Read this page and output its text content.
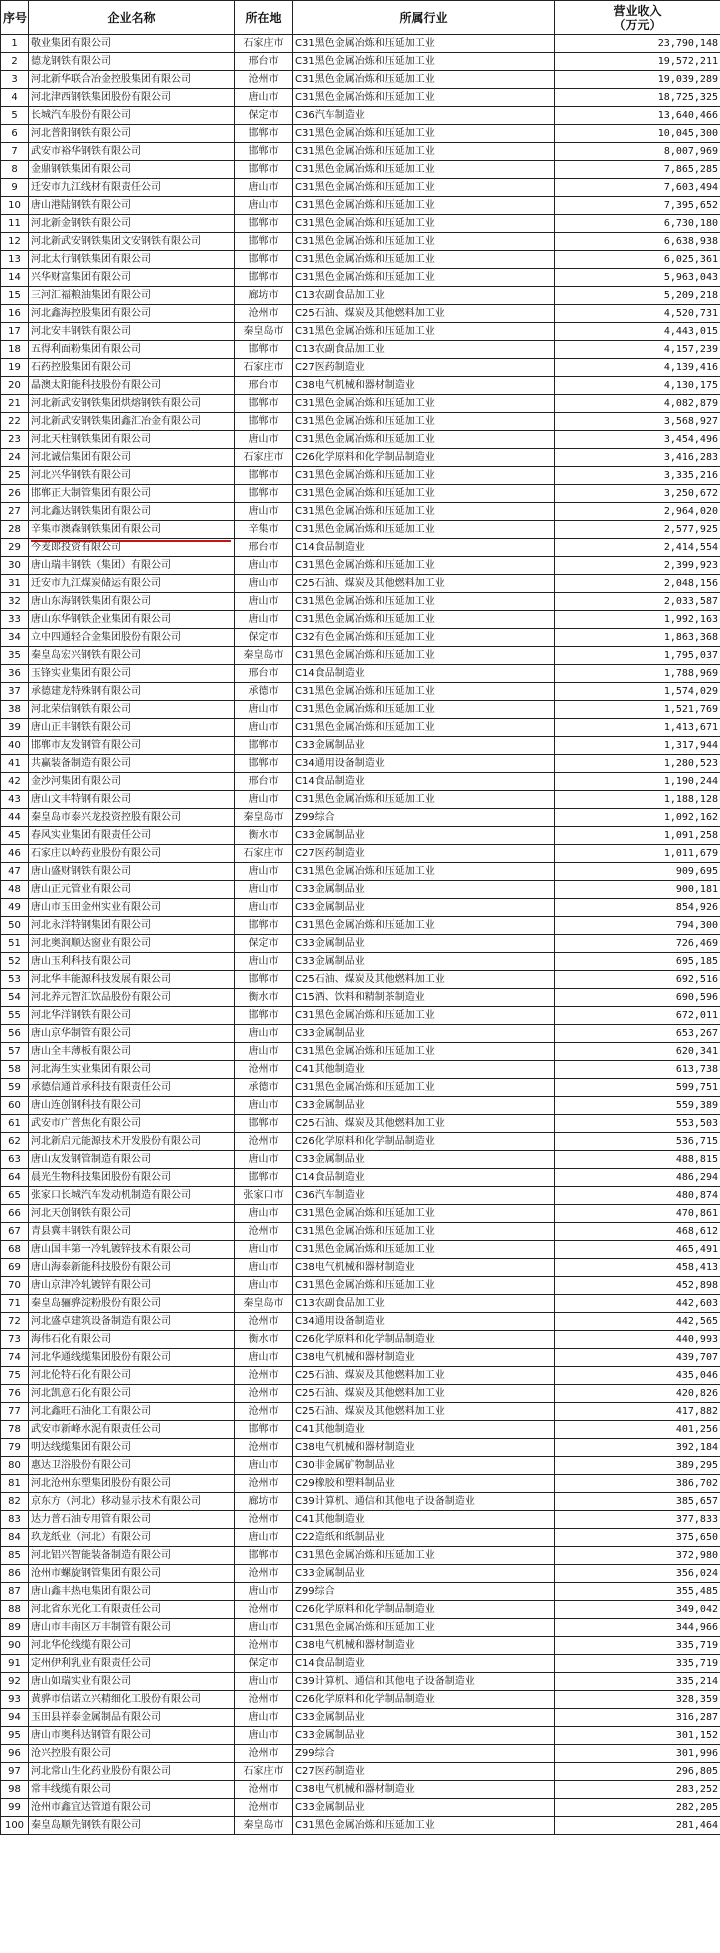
序号	企业名称	所在地	所属行业	营业收入
（万元）

1	敬业集团有限公司	石家庄市	C31黑色金属冶炼和压延加工业	23,790,148
2	德龙钢铁有限公司	邢台市	C31黑色金属冶炼和压延加工业	19,572,211
3	河北新华联合冶金控股集团有限公司	沧州市	C31黑色金属冶炼和压延加工业	19,039,289
4	河北津西钢铁集团股份有限公司	唐山市	C31黑色金属冶炼和压延加工业	18,725,325
5	长城汽车股份有限公司	保定市	C36汽车制造业	13,640,466
6	河北普阳钢铁有限公司	邯郸市	C31黑色金属冶炼和压延加工业	10,045,300
7	武安市裕华钢铁有限公司	邯郸市	C31黑色金属冶炼和压延加工业	8,007,969
8	金鼎钢铁集团有限公司	邯郸市	C31黑色金属冶炼和压延加工业	7,865,285
9	迁安市九江线材有限责任公司	唐山市	C31黑色金属冶炼和压延加工业	7,603,494
10	唐山港陆钢铁有限公司	唐山市	C31黑色金属冶炼和压延加工业	7,395,652
11	河北新金钢铁有限公司	邯郸市	C31黑色金属冶炼和压延加工业	6,730,180
12	河北新武安钢铁集团文安钢铁有限公司	邯郸市	C31黑色金属冶炼和压延加工业	6,638,938
13	河北太行钢铁集团有限公司	邯郸市	C31黑色金属冶炼和压延加工业	6,025,361
14	兴华财富集团有限公司	邯郸市	C31黑色金属冶炼和压延加工业	5,963,043
15	三河汇福粮油集团有限公司	廊坊市	C13农副食品加工业	5,209,218
16	河北鑫海控股集团有限公司	沧州市	C25石油、煤炭及其他燃料加工业	4,520,731
17	河北安丰钢铁有限公司	秦皇岛市	C31黑色金属冶炼和压延加工业	4,443,015
18	五得利面粉集团有限公司	邯郸市	C13农副食品加工业	4,157,239
19	石药控股集团有限公司	石家庄市	C27医药制造业	4,139,416
20	晶澳太阳能科技股份有限公司	邢台市	C38电气机械和器材制造业	4,130,175
21	河北新武安钢铁集团烘熔钢铁有限公司	邯郸市	C31黑色金属冶炼和压延加工业	4,082,879
22	河北新武安钢铁集团鑫汇冶金有限公司	邯郸市	C31黑色金属冶炼和压延加工业	3,568,927
23	河北天柱钢铁集团有限公司	唐山市	C31黑色金属冶炼和压延加工业	3,454,496
24	河北诚信集团有限公司	石家庄市	C26化学原料和化学制品制造业	3,416,283
25	河北兴华钢铁有限公司	邯郸市	C31黑色金属冶炼和压延加工业	3,335,216
26	邯郸正大制管集团有限公司	邯郸市	C31黑色金属冶炼和压延加工业	3,250,672
27	河北鑫达钢铁集团有限公司	唐山市	C31黑色金属冶炼和压延加工业	2,964,020
28	辛集市澳森钢铁集团有限公司	辛集市	C31黑色金属冶炼和压延加工业	2,577,925
29	今麦郎投资有限公司	邢台市	C14食品制造业	2,414,554
30	唐山瑞丰钢铁（集团）有限公司	唐山市	C31黑色金属冶炼和压延加工业	2,399,923
31	迁安市九江煤炭储运有限公司	唐山市	C25石油、煤炭及其他燃料加工业	2,048,156
32	唐山东海钢铁集团有限公司	唐山市	C31黑色金属冶炼和压延加工业	2,033,587
33	唐山东华钢铁企业集团有限公司	唐山市	C31黑色金属冶炼和压延加工业	1,992,163
34	立中四通轻合金集团股份有限公司	保定市	C32有色金属冶炼和压延加工业	1,863,368
35	秦皇岛宏兴钢铁有限公司	秦皇岛市	C31黑色金属冶炼和压延加工业	1,795,037
36	玉锋实业集团有限公司	邢台市	C14食品制造业	1,788,969
37	承德建龙特殊钢有限公司	承德市	C31黑色金属冶炼和压延加工业	1,574,029
38	河北荣信钢铁有限公司	唐山市	C31黑色金属冶炼和压延加工业	1,521,769
39	唐山正丰钢铁有限公司	唐山市	C31黑色金属冶炼和压延加工业	1,413,671
40	邯郸市友发钢管有限公司	邯郸市	C33金属制品业	1,317,944
41	共赢装备制造有限公司	邯郸市	C34通用设备制造业	1,280,523
42	金沙河集团有限公司	邢台市	C14食品制造业	1,190,244
43	唐山文丰特钢有限公司	唐山市	C31黑色金属冶炼和压延加工业	1,188,128
44	秦皇岛市泰兴龙投资控股有限公司	秦皇岛市	Z99综合	1,092,162
45	春风实业集团有限责任公司	衡水市	C33金属制品业	1,091,258
46	石家庄以岭药业股份有限公司	石家庄市	C27医药制造业	1,011,679
47	唐山盛财钢铁有限公司	唐山市	C31黑色金属冶炼和压延加工业	909,695
48	唐山正元管业有限公司	唐山市	C33金属制品业	900,181
49	唐山市玉田金州实业有限公司	唐山市	C33金属制品业	854,926
50	河北永洋特钢集团有限公司	邯郸市	C31黑色金属冶炼和压延加工业	794,300
51	河北奥润顺达窗业有限公司	保定市	C33金属制品业	726,469
52	唐山玉利科技有限公司	唐山市	C33金属制品业	695,185
53	河北华丰能源科技发展有限公司	邯郸市	C25石油、煤炭及其他燃料加工业	692,516
54	河北养元智汇饮品股份有限公司	衡水市	C15酒、饮料和精制茶制造业	690,596
55	河北华洋钢铁有限公司	邯郸市	C31黑色金属冶炼和压延加工业	672,011
56	唐山京华制管有限公司	唐山市	C33金属制品业	653,267
57	唐山全丰薄板有限公司	唐山市	C31黑色金属冶炼和压延加工业	620,341
58	河北海生实业集团有限公司	沧州市	C41其他制造业	613,738
59	承德信通首承科技有限责任公司	承德市	C31黑色金属冶炼和压延加工业	599,751
60	唐山连创钢科技有限公司	唐山市	C33金属制品业	559,389
61	武安市广普焦化有限公司	邯郸市	C25石油、煤炭及其他燃料加工业	553,503
62	河北新启元能源技术开发股份有限公司	沧州市	C26化学原料和化学制品制造业	536,715
63	唐山友发钢管制造有限公司	唐山市	C33金属制品业	488,815
64	晨光生物科技集团股份有限公司	邯郸市	C14食品制造业	486,294
65	张家口长城汽车发动机制造有限公司	张家口市	C36汽车制造业	480,874
66	河北天创钢铁有限公司	唐山市	C31黑色金属冶炼和压延加工业	470,861
67	青县冀丰钢铁有限公司	沧州市	C31黑色金属冶炼和压延加工业	468,612
68	唐山国丰第一冷轧镀锌技术有限公司	唐山市	C31黑色金属冶炼和压延加工业	465,491
69	唐山海泰新能科技股份有限公司	唐山市	C38电气机械和器材制造业	458,413
70	唐山京津冷轧镀锌有限公司	唐山市	C31黑色金属冶炼和压延加工业	452,898
71	秦皇岛骊骅淀粉股份有限公司	秦皇岛市	C13农副食品加工业	442,603
72	河北盛卓建筑设备制造有限公司	沧州市	C34通用设备制造业	442,565
73	海伟石化有限公司	衡水市	C26化学原料和化学制品制造业	440,993
74	河北华通线缆集团股份有限公司	唐山市	C38电气机械和器材制造业	439,707
75	河北伦特石化有限公司	沧州市	C25石油、煤炭及其他燃料加工业	435,046
76	河北凯意石化有限公司	沧州市	C25石油、煤炭及其他燃料加工业	420,826
77	河北鑫旺石油化工有限公司	沧州市	C25石油、煤炭及其他燃料加工业	417,882
78	武安市新峰水泥有限责任公司	邯郸市	C41其他制造业	401,256
79	明达线缆集团有限公司	沧州市	C38电气机械和器材制造业	392,184
80	惠达卫浴股份有限公司	唐山市	C30非金属矿物制品业	389,295
81	河北沧州东塑集团股份有限公司	沧州市	C29橡胶和塑料制品业	386,702
82	京东方（河北）移动显示技术有限公司	廊坊市	C39计算机、通信和其他电子设备制造业	385,657
83	达力普石油专用管有限公司	沧州市	C41其他制造业	377,833
84	玖龙纸业（河北）有限公司	唐山市	C22造纸和纸制品业	375,650
85	河北铝兴智能装备制造有限公司	邯郸市	C31黑色金属冶炼和压延加工业	372,980
86	沧州市螺旋钢管集团有限公司	沧州市	C33金属制品业	356,024
87	唐山鑫丰热电集团有限公司	唐山市	Z99综合	355,485
88	河北省东光化工有限责任公司	沧州市	C26化学原料和化学制品制造业	349,042
89	唐山市丰南区万丰制管有限公司	唐山市	C31黑色金属冶炼和压延加工业	344,966
90	河北华伦线缆有限公司	沧州市	C38电气机械和器材制造业	335,719
91	定州伊利乳业有限责任公司	保定市	C14食品制造业	335,719
92	唐山如瑞实业有限公司	唐山市	C39计算机、通信和其他电子设备制造业	335,214
93	黄骅市信诺立兴精细化工股份有限公司	沧州市	C26化学原料和化学制品制造业	328,359
94	玉田县祥泰金属制品有限公司	唐山市	C33金属制品业	316,287
95	唐山市奥科达钢管有限公司	唐山市	C33金属制品业	301,152
96	沧兴控股有限公司	沧州市	Z99综合	301,996
97	河北常山生化药业股份有限公司	石家庄市	C27医药制造业	296,805
98	常丰线缆有限公司	沧州市	C38电气机械和器材制造业	283,252
99	沧州市鑫宜达管道有限公司	沧州市	C33金属制品业	282,205
100	秦皇岛顺先钢铁有限公司	秦皇岛市	C31黑色金属冶炼和压延加工业	281,464
